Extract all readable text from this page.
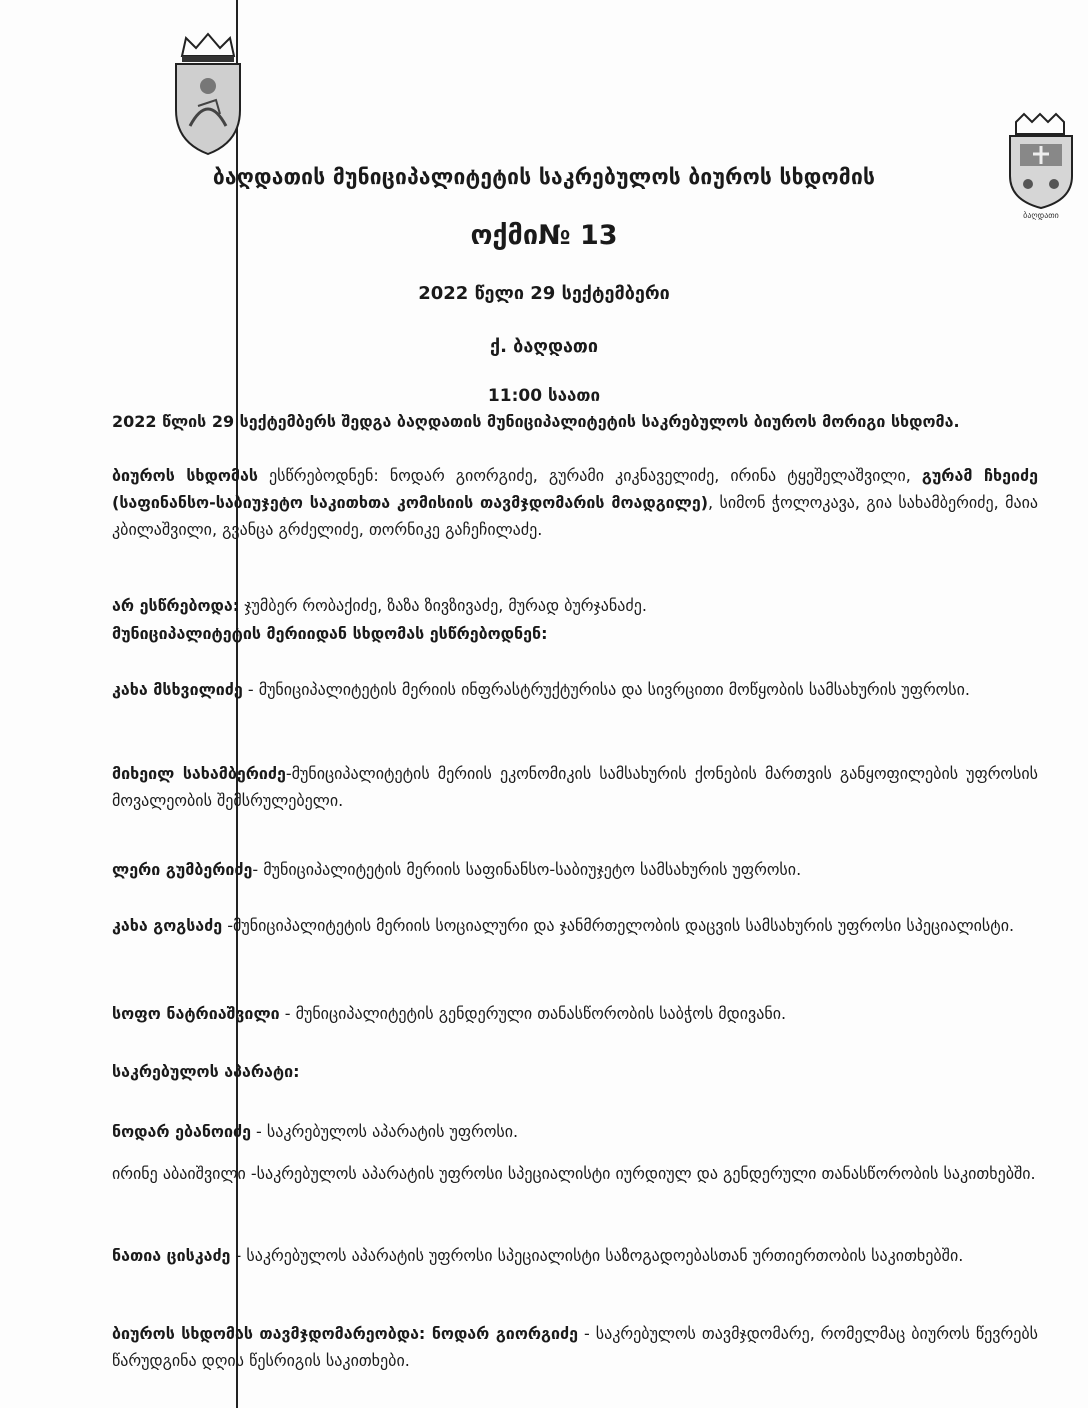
ბაღდათი
ბაღდათის მუნიციპალიტეტის საკრებულოს ბიუროს სხდომის
ოქმი№ 13
2022 წელი 29 სექტემბერი
ქ. ბაღდათი
11:00 საათი
2022 წლის 29 სექტემბერს შედგა ბაღდათის მუნიციპალიტეტის საკრებულოს ბიუროს მორიგი სხდომა.
ბიუროს სხდომას ესწრებოდნენ: ნოდარ გიორგიძე, გურამი კიკნაველიძე, ირინა ტყეშელაშვილი, გურამ ჩხეიძე (საფინანსო-საბიუჯეტო საკითხთა კომისიის თავმჯდომარის მოადგილე), სიმონ ჭოლოკავა, გია სახამბერიძე, მაია კბილაშვილი, გვანცა გრძელიძე, თორნიკე გაჩეჩილაძე.
არ ესწრებოდა: ჯუმბერ რობაქიძე, ზაზა ზივზივაძე, მურად ბურჯანაძე.
მუნიციპალიტეტის მერიიდან სხდომას ესწრებოდნენ:
კახა მსხვილიძე - მუნიციპალიტეტის მერიის ინფრასტრუქტურისა და სივრცითი მოწყობის სამსახურის უფროსი.
მიხეილ სახამბერიძე-მუნიციპალიტეტის მერიის ეკონომიკის სამსახურის ქონების მართვის განყოფილების უფროსის მოვალეობის შემსრულებელი.
ლერი გუმბერიძე- მუნიციპალიტეტის მერიის საფინანსო-საბიუჯეტო სამსახურის უფროსი.
კახა გოგსაძე -მუნიციპალიტეტის მერიის სოციალური და ჯანმრთელობის დაცვის სამსახურის უფროსი სპეციალისტი.
სოფო ნატრიაშვილი - მუნიციპალიტეტის გენდერული თანასწორობის საბჭოს მდივანი.
საკრებულოს აპარატი:
ნოდარ ებანოიძე - საკრებულოს აპარატის უფროსი.
ირინე აბაიშვილი -საკრებულოს აპარატის უფროსი სპეციალისტი იურდიულ და გენდერული თანასწორობის საკითხებში.
ნათია ცისკაძე - საკრებულოს აპარატის უფროსი სპეციალისტი საზოგადოებასთან ურთიერთობის საკითხებში.
ბიუროს სხდომას თავმჯდომარეობდა: ნოდარ გიორგიძე - საკრებულოს თავმჯდომარე, რომელმაც ბიუროს წევრებს წარუდგინა დღის წესრიგის საკითხები.
